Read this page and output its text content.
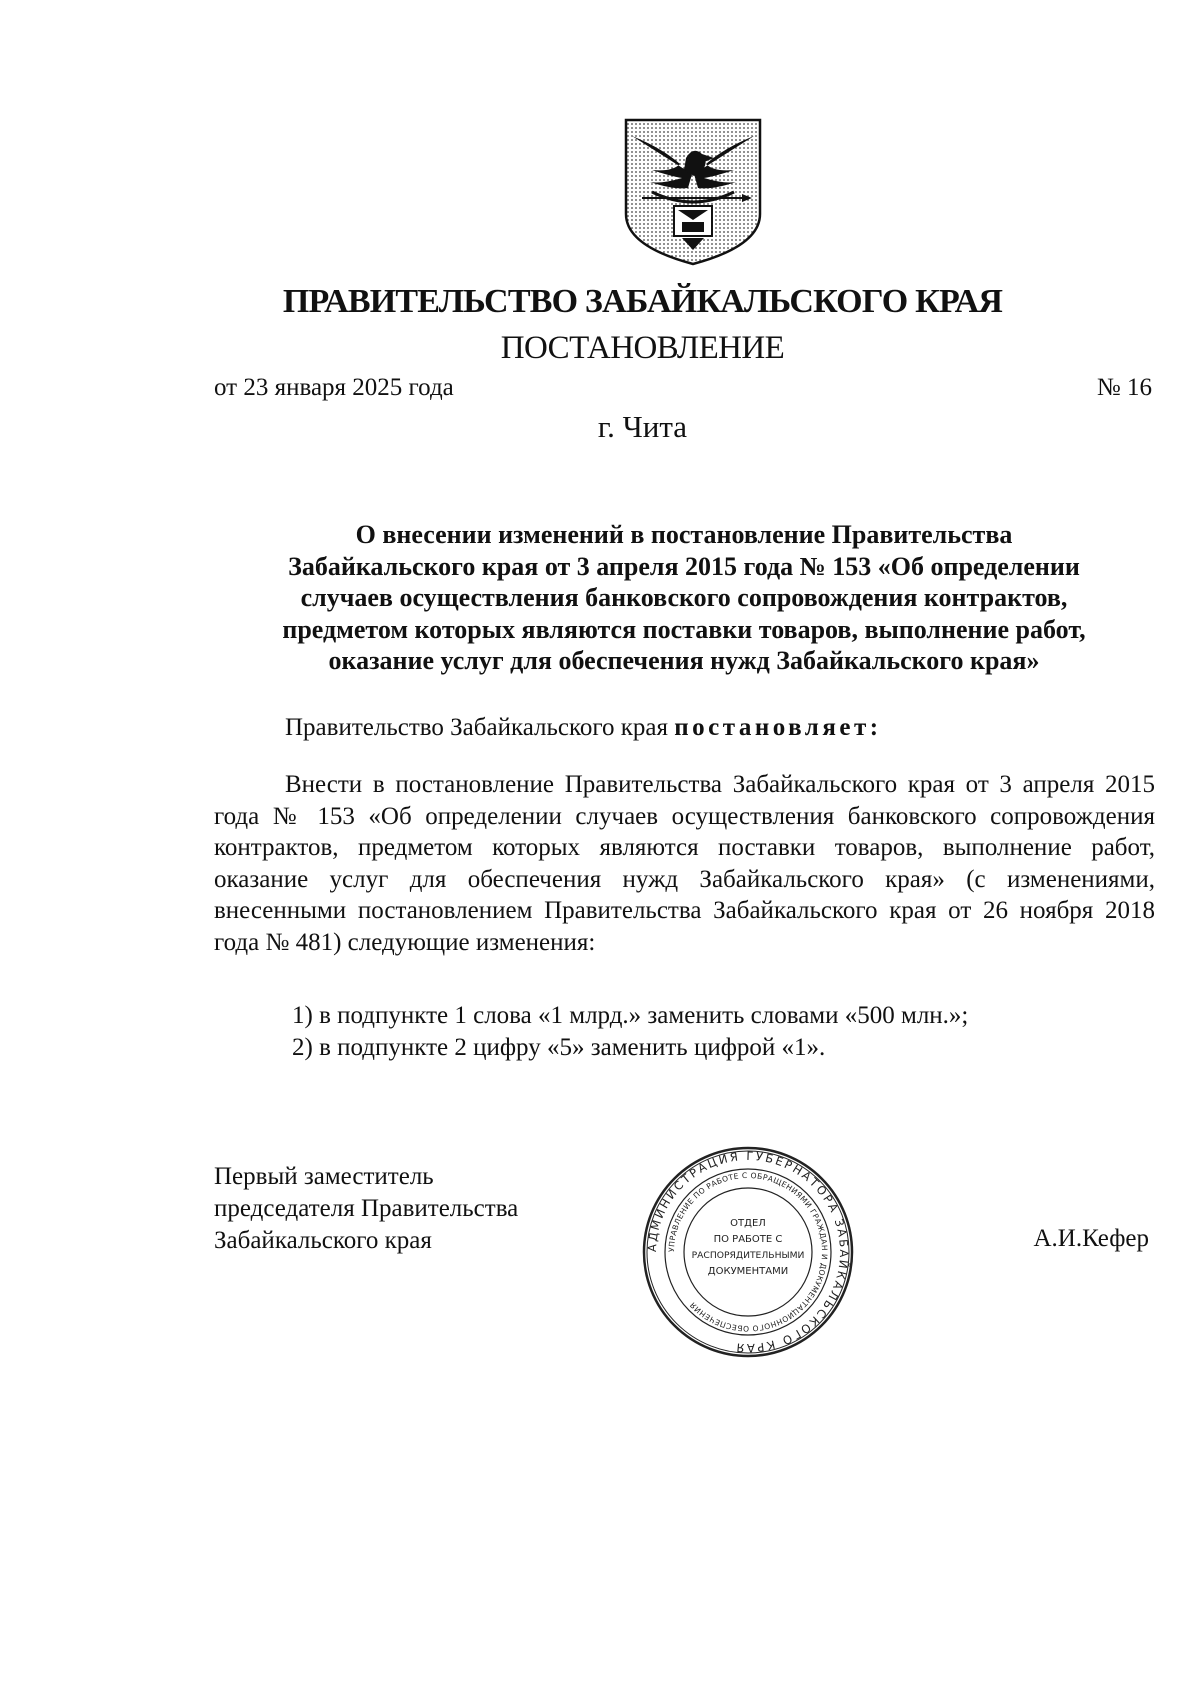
ПРАВИТЕЛЬСТВО ЗАБАЙКАЛЬСКОГО КРАЯ
ПОСТАНОВЛЕНИЕ
от 23 января 2025 года	№ 16
г. Чита
О внесении изменений в постановление Правительства
Забайкальского края от 3 апреля 2015 года № 153 «Об определении
случаев осуществления банковского сопровождения контрактов,
предметом которых являются поставки товаров, выполнение работ,
оказание услуг для обеспечения нужд Забайкальского края»
Правительство Забайкальского края постановляет:

Внести в постановление Правительства Забайкальского края от 3 апреля 2015 года № 153 «Об определении случаев осуществления банковского сопровождения контрактов, предметом которых являются поставки товаров, выполнение работ, оказание услуг для обеспечения нужд Забайкальского края» (с изменениями, внесенными постановлением Правительства Забайкальского края от 26 ноября 2018 года № 481) следующие изменения:

1) в подпункте 1 слова «1 млрд.» заменить словами «500 млн.»;
2) в подпункте 2 цифру «5» заменить цифрой «1».
Первый заместитель
председателя Правительства
Забайкальского края	АДМИНИСТРАЦИЯ ГУБЕРНАТОРА ЗАБАЙКАЛЬСКОГО КРАЯ
УПРАВЛЕНИЕ ПО РАБОТЕ С ОБРАЩЕНИЯМИ ГРАЖДАН И ДОКУМЕНТАЦИОННОГО ОБЕСПЕЧЕНИЯ
ОТДЕЛ
ПО РАБОТЕ С
РАСПОРЯДИТЕЛЬНЫМИ
ДОКУМЕНТАМИ
А.И.Кефер
